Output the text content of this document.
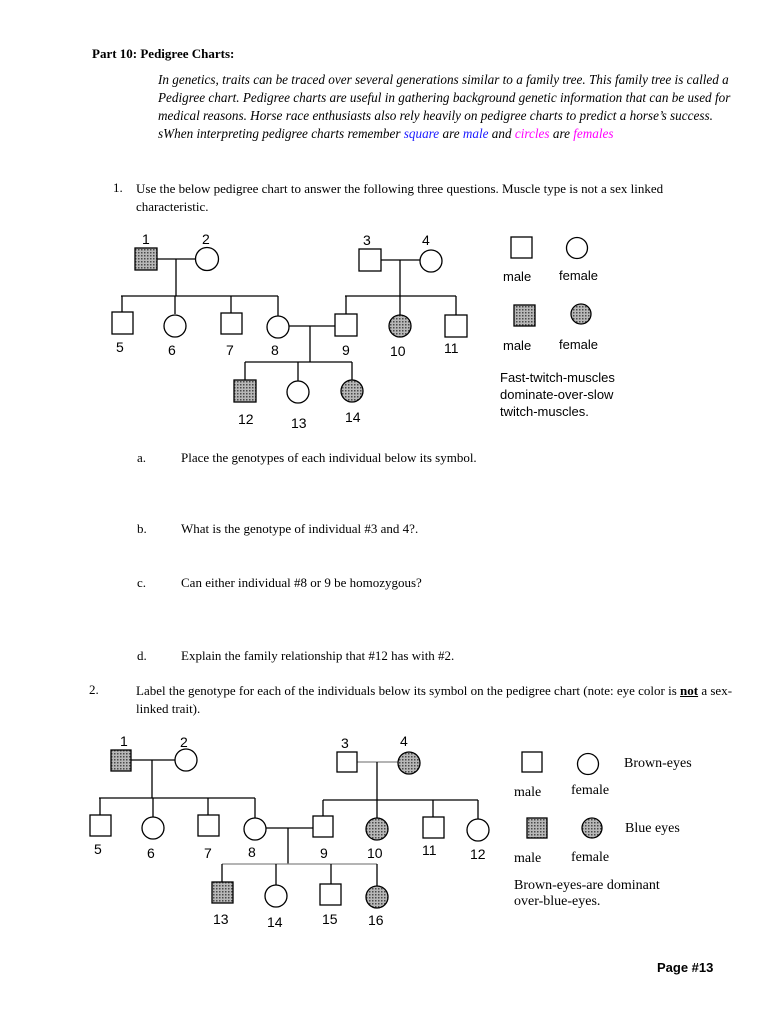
Part 10: Pedigree Charts:
In genetics, traits can be traced over several generations similar to a family tree. This family tree is called a Pedigree chart. Pedigree charts are useful in gathering background genetic information that can be used for medical reasons. Horse race enthusiasts also rely heavily on pedigree charts to predict a horse’s success. sWhen interpreting pedigree charts remember square are male and circles are females
1. Use the below pedigree chart to answer the following three questions. Muscle type is not a sex linked characteristic.
a.	Place the genotypes of each individual below its symbol.
b.	What is the genotype of individual #3 and 4?.
c.	Can either individual #8 or 9 be homozygous?
d.	Explain the family relationship that #12 has with #2.
2.	Label the genotype for each of the individuals below its symbol on the pedigree chart (note: eye color is not a sex-linked trait).
1	2	3	4
5	6	7	8	9	10	11
12	13	14
male female
male female
Fast-twitch-muscles
dominate-over-slow
twitch-muscles.
1	2	3	4
5	6	7	8	9	10	11 12
13	14	15 16
Brown-eyes
Blue eyes
male female
male female
Brown-eyes-are dominant
over-blue-eyes.
Page #13
